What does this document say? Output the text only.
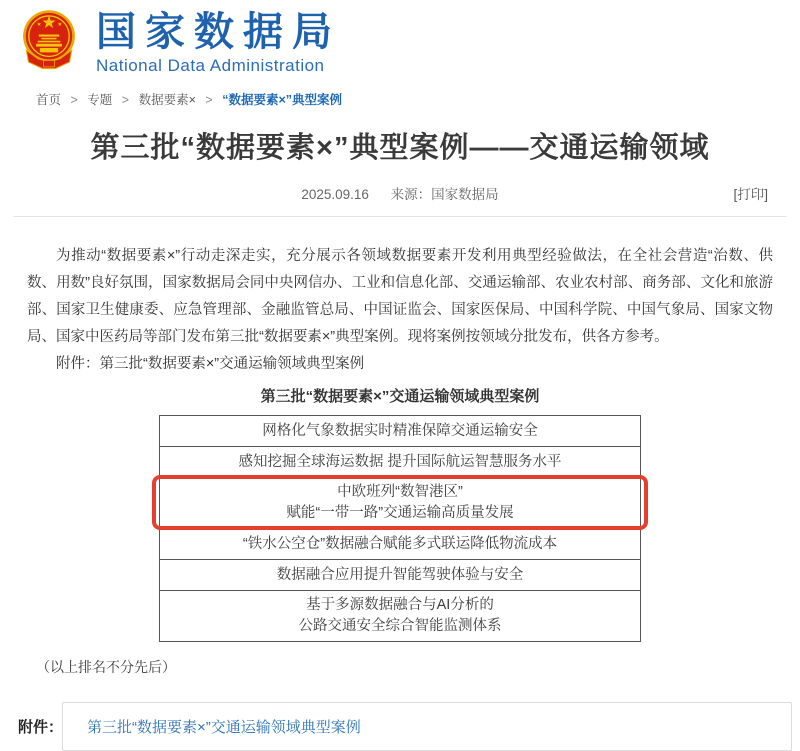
国家数据局
National Data Administration
首页 > 专题 > 数据要素× > “数据要素×”典型案例
第三批“数据要素×”典型案例——交通运输领域
2025.09.16 来源：国家数据局	[打印]

为推动“数据要素×”行动走深走实，充分展示各领域数据要素开发利用典型经验做法，在全社会营造“治数、供数、用数”良好氛围，国家数据局会同中央网信办、工业和信息化部、交通运输部、农业农村部、商务部、文化和旅游部、国家卫生健康委、应急管理部、金融监管总局、中国证监会、国家医保局、中国科学院、中国气象局、国家文物局、国家中医药局等部门发布第三批“数据要素×”典型案例。现将案例按领域分批发布，供各方参考。

附件：第三批“数据要素×”交通运输领域典型案例

第三批“数据要素×”交通运输领域典型案例
网格化气象数据实时精准保障交通运输安全
感知挖掘全球海运数据 提升国际航运智慧服务水平
中欧班列“数智港区”
赋能“一带一路”交通运输高质量发展
“铁水公空仓”数据融合赋能多式联运降低物流成本
数据融合应用提升智能驾驶体验与安全
基于多源数据融合与AI分析的
公路交通安全综合智能监测体系
（以上排名不分先后）
附件：	第三批“数据要素×”交通运输领域典型案例
